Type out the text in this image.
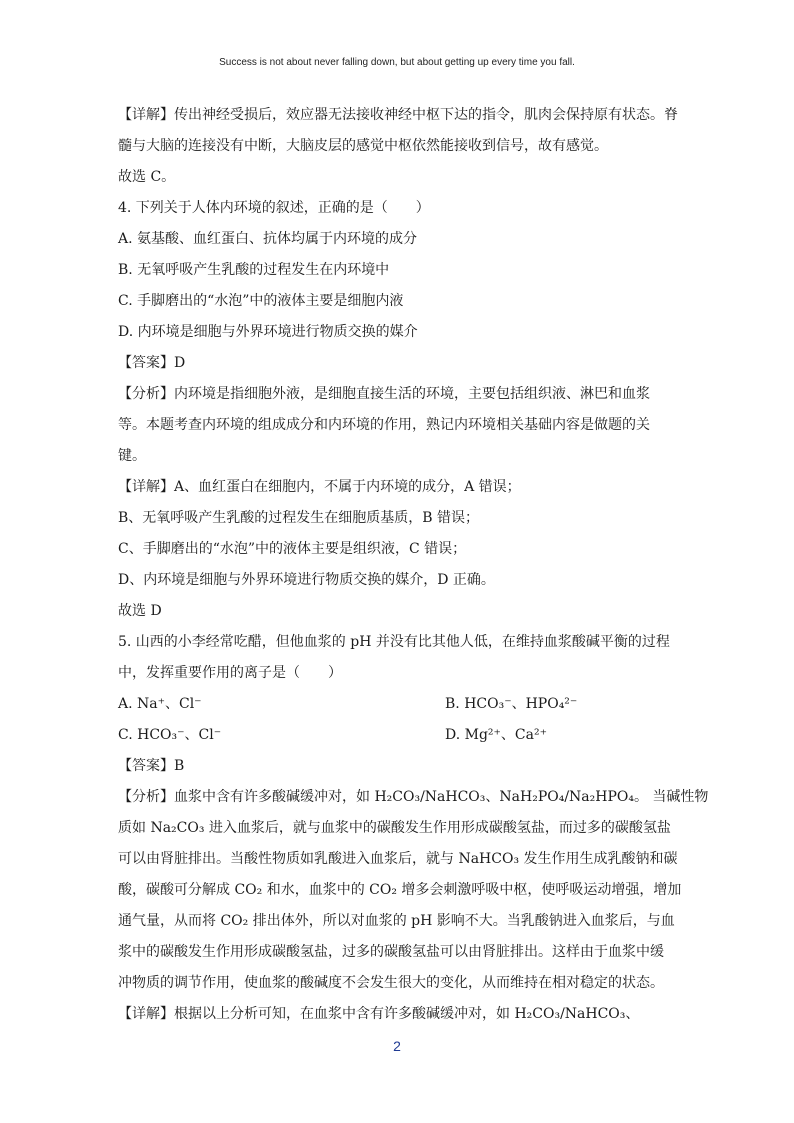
Success is not about never falling down, but about getting up every time you fall.
【详解】传出神经受损后，效应器无法接收神经中枢下达的指令，肌肉会保持原有状态。脊
髓与大脑的连接没有中断，大脑皮层的感觉中枢依然能接收到信号，故有感觉。
故选 C。
4. 下列关于人体内环境的叙述，正确的是（　　）
A. 氨基酸、血红蛋白、抗体均属于内环境的成分
B. 无氧呼吸产生乳酸的过程发生在内环境中
C. 手脚磨出的“水泡”中的液体主要是细胞内液
D. 内环境是细胞与外界环境进行物质交换的媒介
【答案】D
【分析】内环境是指细胞外液，是细胞直接生活的环境，主要包括组织液、淋巴和血浆
等。本题考查内环境的组成成分和内环境的作用，熟记内环境相关基础内容是做题的关
键。
【详解】A、血红蛋白在细胞内，不属于内环境的成分，A 错误；
B、无氧呼吸产生乳酸的过程发生在细胞质基质，B 错误；
C、手脚磨出的“水泡”中的液体主要是组织液，C 错误；
D、内环境是细胞与外界环境进行物质交换的媒介，D 正确。
故选 D
5. 山西的小李经常吃醋，但他血浆的 pH 并没有比其他人低，在维持血浆酸碱平衡的过程
中，发挥重要作用的离子是（　　）
A. Na⁺、Cl⁻	B. HCO₃⁻、HPO₄²⁻
C. HCO₃⁻、Cl⁻	D. Mg²⁺、Ca²⁺
【答案】B
【分析】血浆中含有许多酸碱缓冲对，如 H₂CO₃/NaHCO₃、NaH₂PO₄/Na₂HPO₄。 当碱性物
质如 Na₂CO₃ 进入血浆后，就与血浆中的碳酸发生作用形成碳酸氢盐，而过多的碳酸氢盐
可以由肾脏排出。当酸性物质如乳酸进入血浆后，就与 NaHCO₃ 发生作用生成乳酸钠和碳
酸，碳酸可分解成 CO₂ 和水，血浆中的 CO₂ 增多会刺激呼吸中枢，使呼吸运动增强，增加
通气量，从而将 CO₂ 排出体外，所以对血浆的 pH 影响不大。当乳酸钠进入血浆后，与血
浆中的碳酸发生作用形成碳酸氢盐，过多的碳酸氢盐可以由肾脏排出。这样由于血浆中缓
冲物质的调节作用，使血浆的酸碱度不会发生很大的变化，从而维持在相对稳定的状态。
【详解】根据以上分析可知，在血浆中含有许多酸碱缓冲对，如 H₂CO₃/NaHCO₃、
2
